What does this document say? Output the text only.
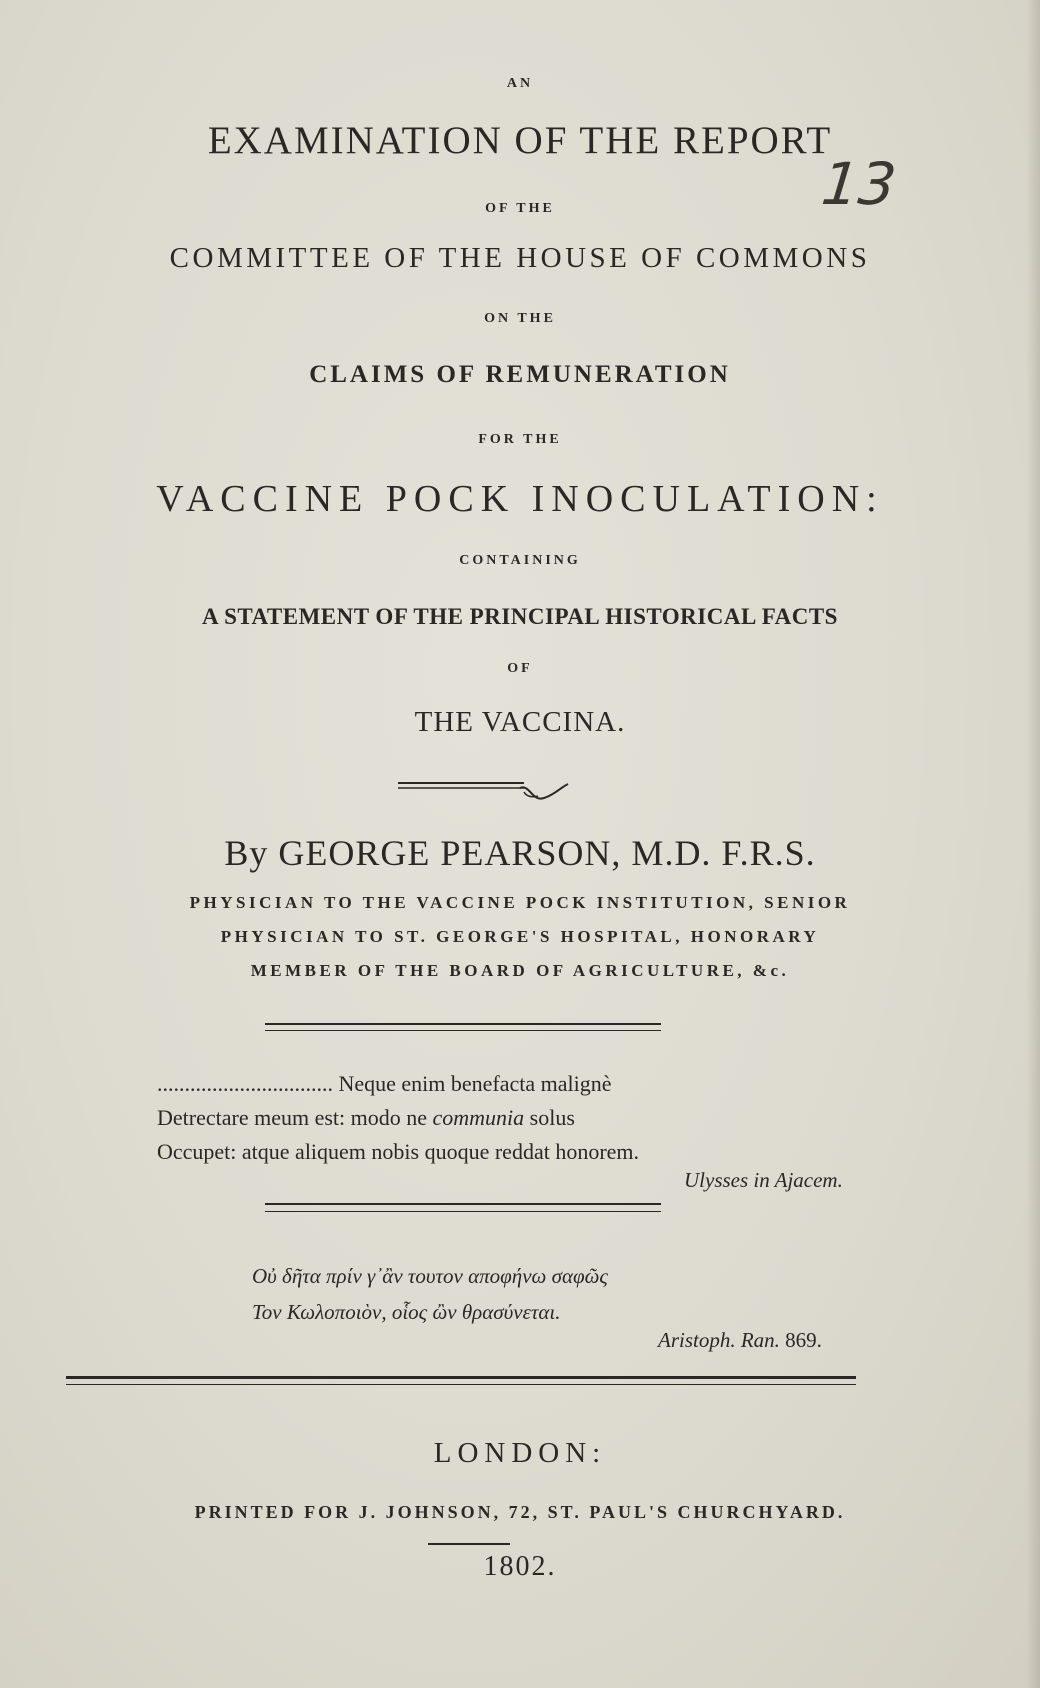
13
AN
EXAMINATION OF THE REPORT
OF THE
COMMITTEE OF THE HOUSE OF COMMONS
ON THE
CLAIMS OF REMUNERATION
FOR THE
VACCINE POCK INOCULATION:
CONTAINING
A STATEMENT OF THE PRINCIPAL HISTORICAL FACTS
OF
THE VACCINA.
By GEORGE PEARSON, M.D. F.R.S.
PHYSICIAN TO THE VACCINE POCK INSTITUTION, SENIOR
PHYSICIAN TO ST. GEORGE'S HOSPITAL, HONORARY
MEMBER OF THE BOARD OF AGRICULTURE, &c.
................................ Neque enim benefacta malignè
Detrectare meum est: modo ne communia solus
Occupet: atque aliquem nobis quoque reddat honorem.
Ulysses in Ajacem.
Οὐ δῆτα πρίν γ᾽ἂν τουτον αποφήνω σαφῶς
Τον Κωλοποιὸν, οἷος ὢν θρασύνεται.
Aristoph. Ran. 869.
LONDON:
PRINTED FOR J. JOHNSON, 72, ST. PAUL'S CHURCHYARD.
1802.
